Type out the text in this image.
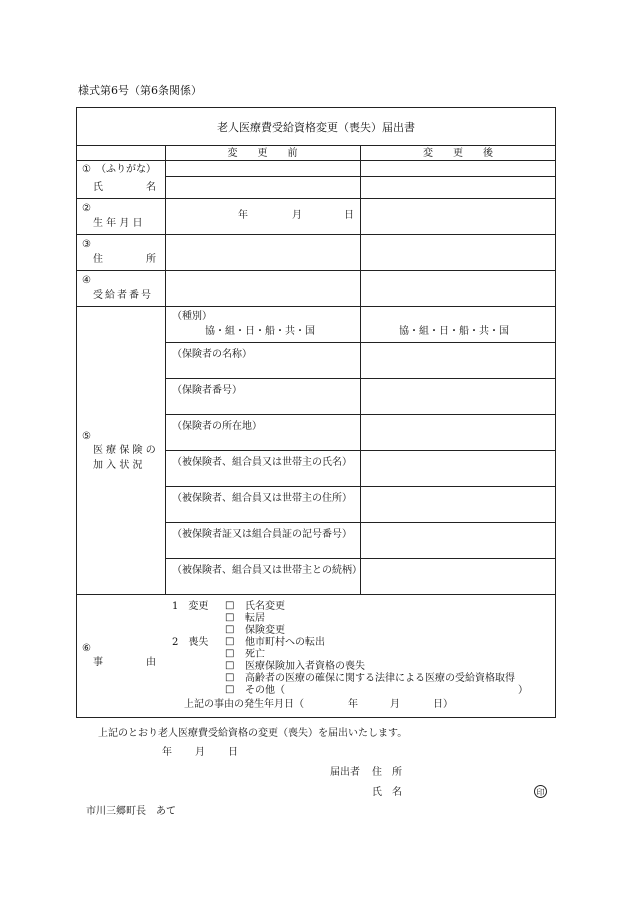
様式第6号（第6条関係）
老人医療費受給資格変更（喪失）届出書
変　　更　　前	変　　更　　後
① （ふりがな）
氏	名
②
生 年 月 日
年	月	日
③
住	所
④
受給者番号
⑤
医 療 保 険 の
加 入 状 況
（種別）
協・組・日・船・共・国	協・組・日・船・共・国
（保険者の名称）
（保険者番号）
（保険者の所在地）
（被保険者、組合員又は世帯主の氏名）
（被保険者、組合員又は世帯主の住所）
（被保険者証又は組合員証の記号番号）
（被保険者、組合員又は世帯主との続柄）
⑥
事	由
1　変更 □ 氏名変更
□ 転居
□ 保険変更
2　喪失 □ 他市町村への転出
□ 死亡
□ 医療保険加入者資格の喪失
□ 高齢者の医療の確保に関する法律による医療の受給資格取得
□ その他（	）
上記の事由の発生年月日（	年	月	日）
上記のとおり老人医療費受給資格の変更（喪失）を届出いたします。
年 月 日
届出者 住　所
氏　名	印
市川三郷町長　あて
